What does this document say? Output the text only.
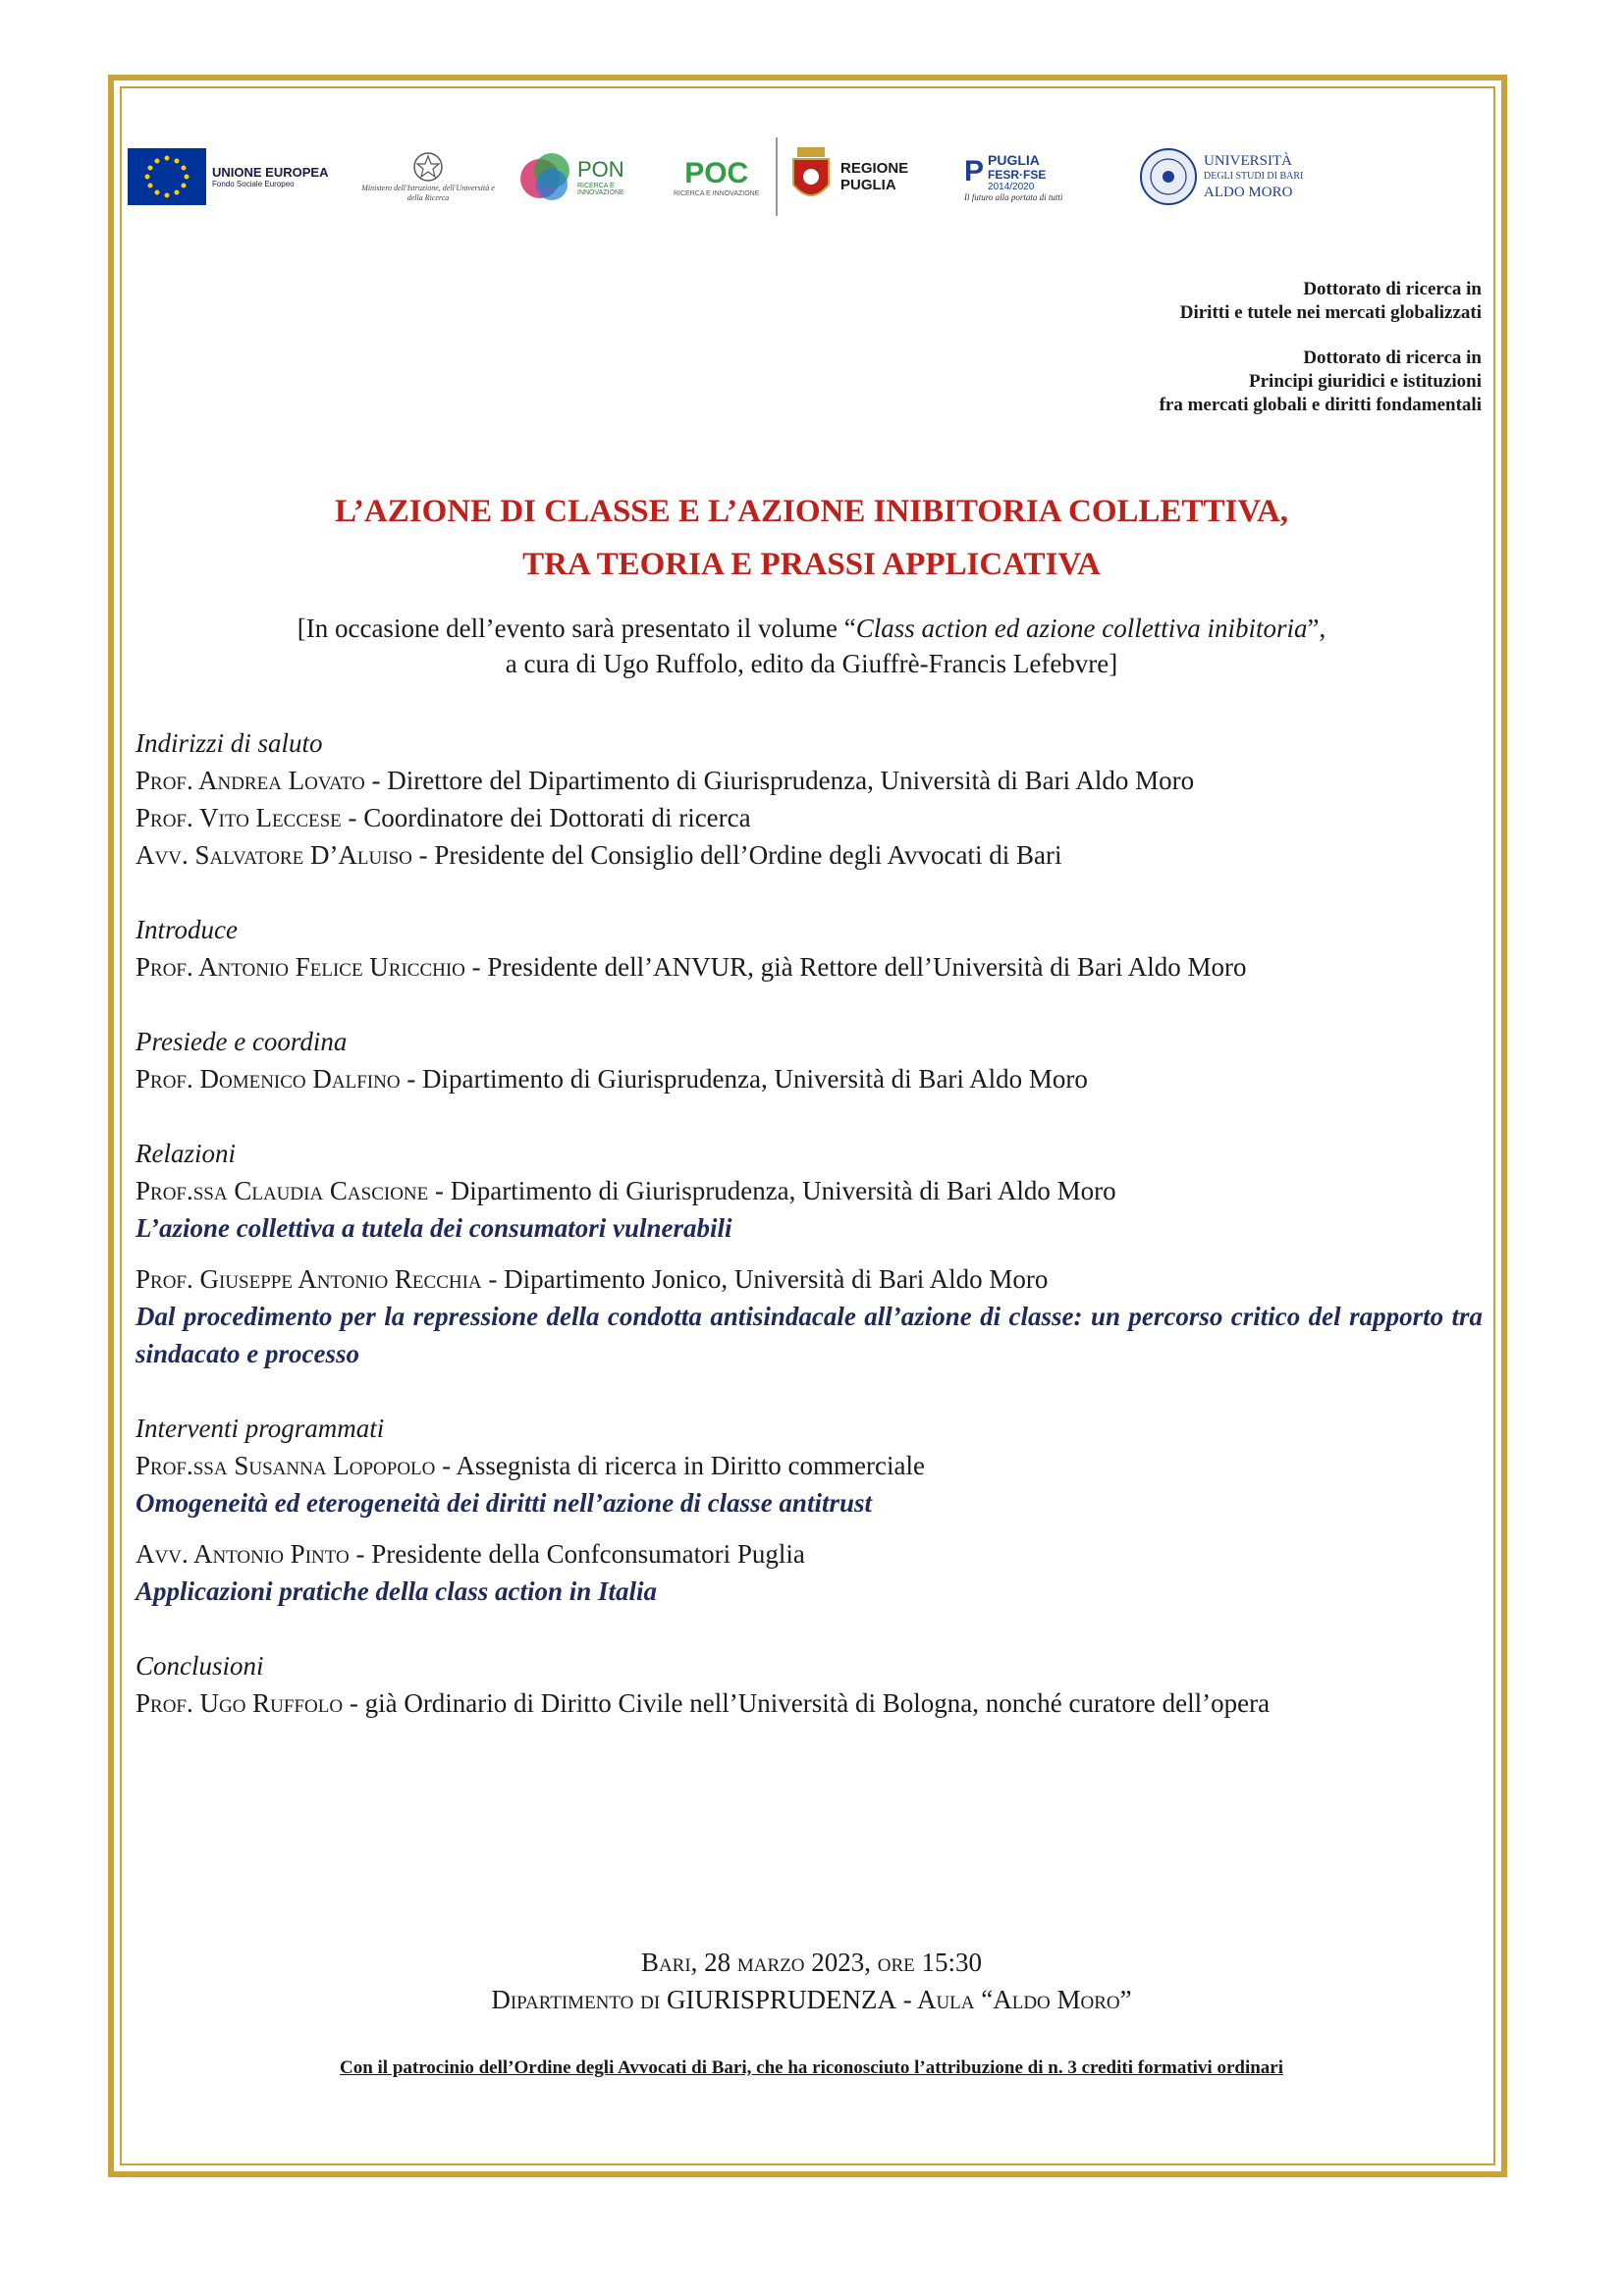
UNIONE EUROPEA
Fondo Sociale Europeo	Ministero dell'Istruzione, dell'Università e della Ricerca
PON
RICERCA E INNOVAZIONE
POC
RICERCA E INNOVAZIONE
REGIONE PUGLIA	P PUGLIA
FESR·FSE
2014/2020
Il futuro alla portata di tutti
UNIVERSITÀ
DEGLI STUDI DI BARI
ALDO MORO
Dottorato di ricerca in
Diritti e tutele nei mercati globalizzati
Dottorato di ricerca in
Principi giuridici e istituzioni
fra mercati globali e diritti fondamentali
L’AZIONE DI CLASSE E L’AZIONE INIBITORIA COLLETTIVA,
TRA TEORIA E PRASSI APPLICATIVA
[In occasione dell’evento sarà presentato il volume “Class action ed azione collettiva inibitoria”,
a cura di Ugo Ruffolo, edito da Giuffrè-Francis Lefebvre]
Indirizzi di saluto
Prof. Andrea Lovato - Direttore del Dipartimento di Giurisprudenza, Università di Bari Aldo Moro
Prof. Vito Leccese - Coordinatore dei Dottorati di ricerca
Avv. Salvatore D’Aluiso - Presidente del Consiglio dell’Ordine degli Avvocati di Bari
Introduce
Prof. Antonio Felice Uricchio - Presidente dell’ANVUR, già Rettore dell’Università di Bari Aldo Moro
Presiede e coordina
Prof. Domenico Dalfino - Dipartimento di Giurisprudenza, Università di Bari Aldo Moro
Relazioni
Prof.ssa Claudia Cascione - Dipartimento di Giurisprudenza, Università di Bari Aldo Moro
L’azione collettiva a tutela dei consumatori vulnerabili
Prof. Giuseppe Antonio Recchia - Dipartimento Jonico, Università di Bari Aldo Moro
Dal procedimento per la repressione della condotta antisindacale all’azione di classe: un percorso critico del rapporto tra sindacato e processo
Interventi programmati
Prof.ssa Susanna Lopopolo - Assegnista di ricerca in Diritto commerciale
Omogeneità ed eterogeneità dei diritti nell’azione di classe antitrust
Avv. Antonio Pinto - Presidente della Confconsumatori Puglia
Applicazioni pratiche della class action in Italia
Conclusioni
Prof. Ugo Ruffolo - già Ordinario di Diritto Civile nell’Università di Bologna, nonché curatore dell’opera
Bari, 28 marzo 2023, ore 15:30
Dipartimento di GIURISPRUDENZA - Aula “Aldo Moro”
Con il patrocinio dell’Ordine degli Avvocati di Bari, che ha riconosciuto l’attribuzione di n. 3 crediti formativi ordinari
